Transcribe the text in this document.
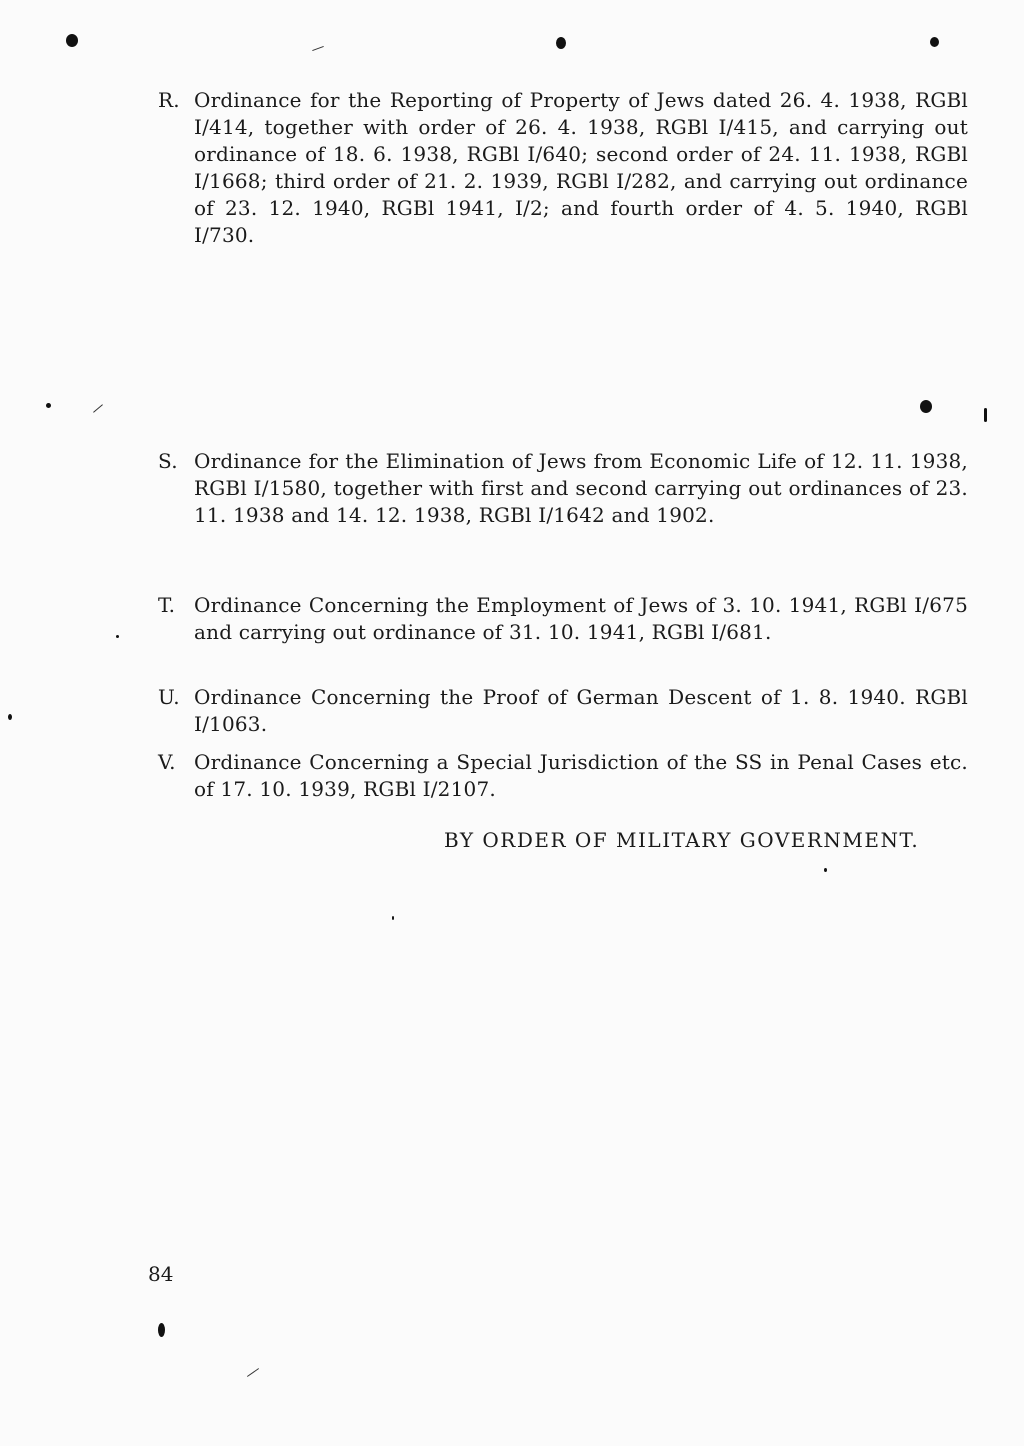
R. Ordinance for the Reporting of Property of Jews dated 26. 4. 1938, RGBl I/414, together with order of 26. 4. 1938, RGBl I/415, and carrying out ordinance of 18. 6. 1938, RGBl I/640; second order of 24. 11. 1938, RGBl I/1668; third order of 21. 2. 1939, RGBl I/282, and carrying out ordinance of 23. 12. 1940, RGBl 1941, I/2; and fourth order of 4. 5. 1940, RGBl I/730.
S. Ordinance for the Elimination of Jews from Economic Life of 12. 11. 1938, RGBl I/1580, together with first and second carrying out ordinances of 23. 11. 1938 and 14. 12. 1938, RGBl I/1642 and 1902.
T. Ordinance Concerning the Employment of Jews of 3. 10. 1941, RGBl I/675 and carrying out ordinance of 31. 10. 1941, RGBl I/681.
U. Ordinance Concerning the Proof of German Descent of 1. 8. 1940. RGBl I/1063.
V. Ordinance Concerning a Special Jurisdiction of the SS in Penal Cases etc. of 17. 10. 1939, RGBl I/2107.
BY ORDER OF MILITARY GOVERNMENT.
84
